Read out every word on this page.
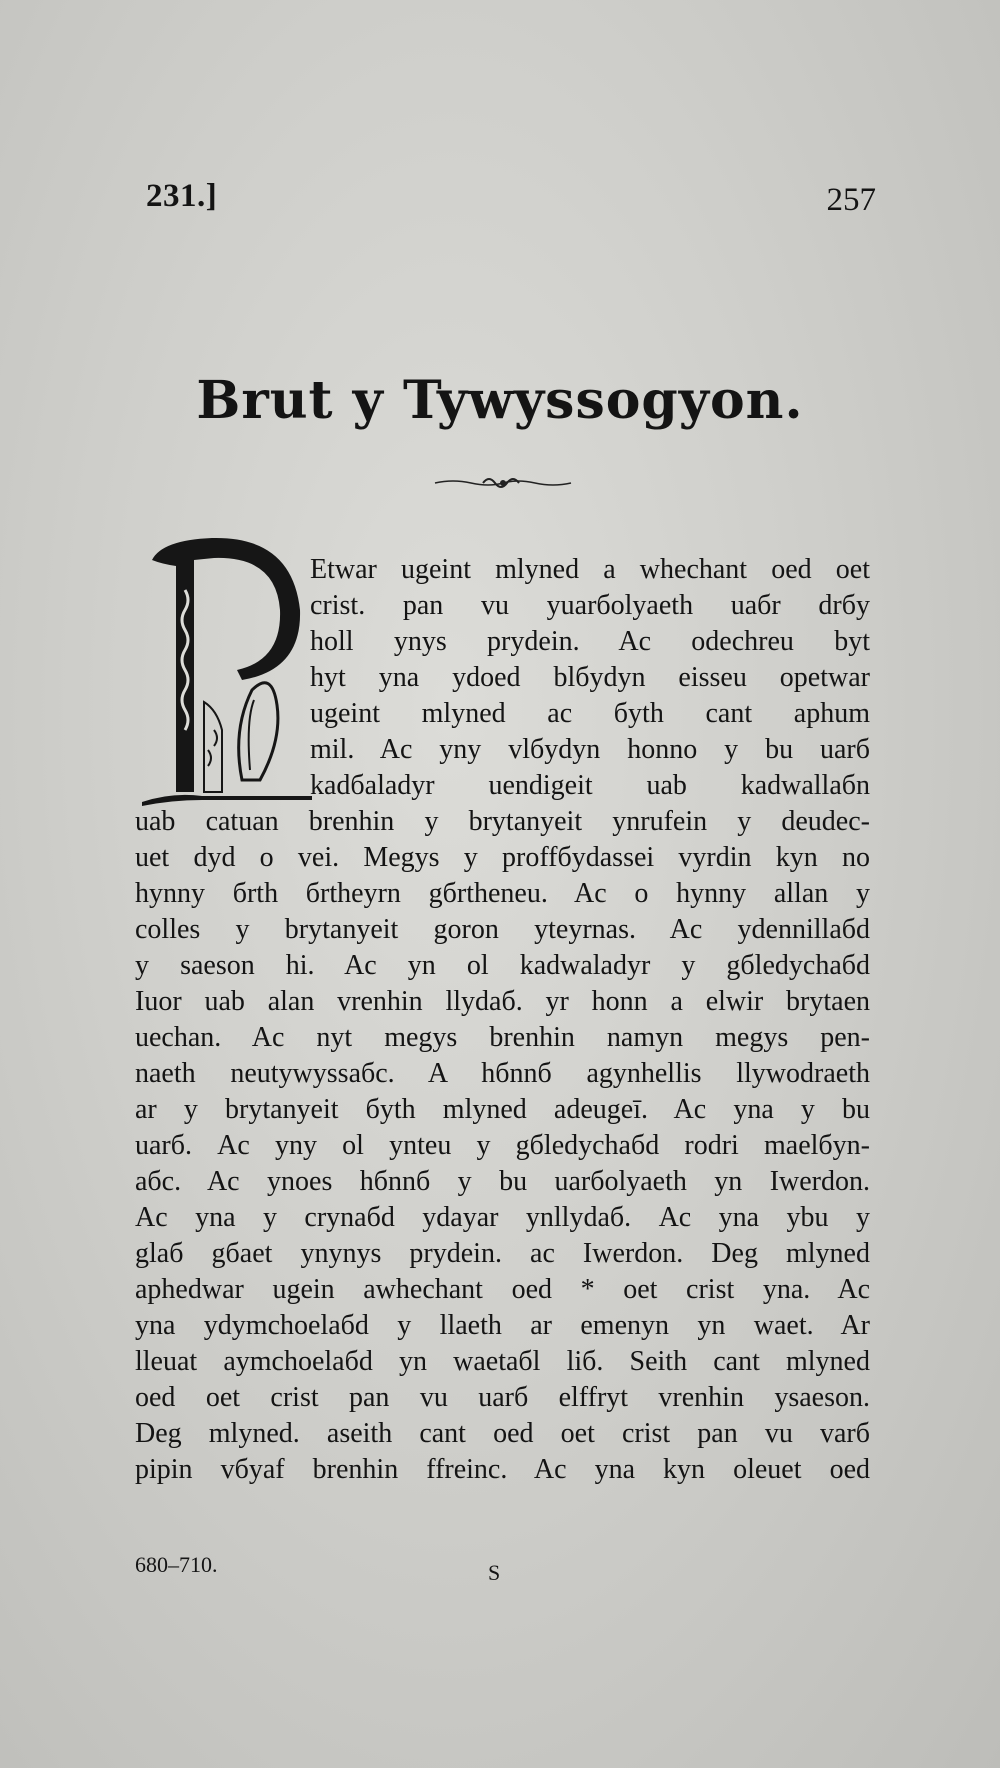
231.]	257
Brut y Tywyssogyon.
Etwar ugeint mlyned a whechant oed oet
crist. pan vu yuarбolyaeth uaбr drбy
holl ynys prydein. Ac odechreu byt
hyt yna ydoed blбydyn eisseu opetwar
ugeint mlyned ac бyth cant aphum
mil. Ac yny vlбydyn honno y bu uarб
kadбaladyr uendigeit uab kadwallaбn
uab catuan brenhin y brytanyeit ynrufein y deudec-
uet dyd o vei. Megys y proffбydassei vyrdin kyn no
hynny бrth бrtheyrn gбrtheneu. Ac o hynny allan y
colles y brytanyeit goron yteyrnas. Ac ydennillaбd
y saeson hi. Ac yn ol kadwaladyr y gбledychaбd
Iuor uab alan vrenhin llydaб. yr honn a elwir brytaen
uechan. Ac nyt megys brenhin namyn megys pen-
naeth neutywyssaбc. A hбnnб agynhellis llywodraeth
ar y brytanyeit бyth mlyned adeugeī. Ac yna y bu
uarб. Ac yny ol ynteu y gбledychaбd rodri maelбyn-
aбc. Ac ynoes hбnnб y bu uarбolyaeth yn Iwerdon.
Ac yna y crynaбd ydayar ynllydaб. Ac yna ybu y
glaб gбaet ynynys prydein. ac Iwerdon. Deg mlyned
aphedwar ugein awhechant oed * oet crist yna. Ac
yna ydymchoelaбd y llaeth ar emenyn yn waet. Ar
lleuat aymchoelaбd yn waetaбl liб. Seith cant mlyned
oed oet crist pan vu uarб elffryt vrenhin ysaeson.
Deg mlyned. aseith cant oed oet crist pan vu varб
pipin vбyaf brenhin ffreinc. Ac yna kyn oleuet oed
680–710.	S
